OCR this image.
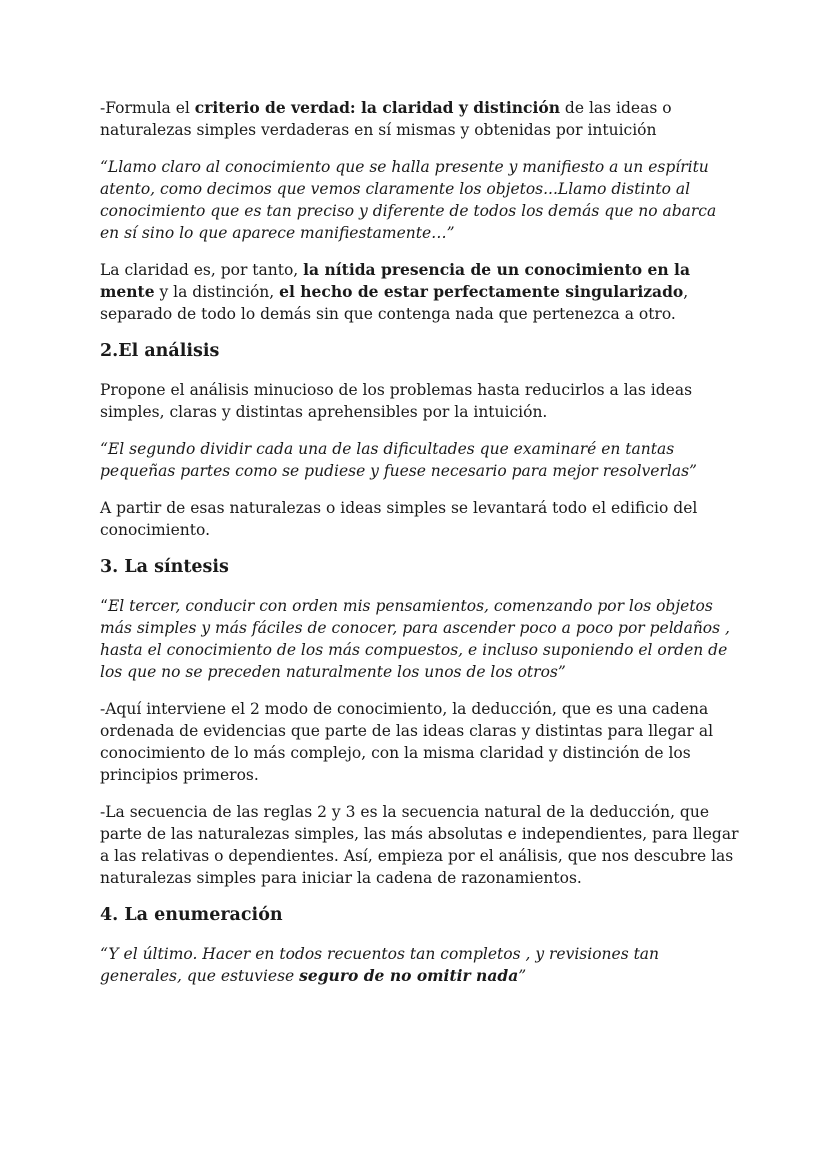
-Formula el criterio de verdad: la claridad y distinción de las ideas o naturalezas simples verdaderas en sí mismas y obtenidas por intuición

“Llamo claro al conocimiento que se halla presente y manifiesto a un espíritu atento, como decimos que vemos claramente los objetos...Llamo distinto al conocimiento que es tan preciso y diferente de todos los demás que no abarca en sí sino lo que aparece manifiestamente…”

La claridad es, por tanto, la nítida presencia de un conocimiento en la mente y la distinción, el hecho de estar perfectamente singularizado, separado de todo lo demás sin que contenga nada que pertenezca a otro.

2.El análisis

Propone el análisis minucioso de los problemas hasta reducirlos a las ideas simples, claras y distintas aprehensibles por la intuición.

“El segundo dividir cada una de las dificultades que examinaré en tantas pequeñas partes como se pudiese y fuese necesario para mejor resolverlas”

A partir de esas naturalezas o ideas simples se levantará todo el edificio del conocimiento.

3. La síntesis

“El tercer, conducir con orden mis pensamientos, comenzando por los objetos más simples y más fáciles de conocer, para ascender poco a poco por peldaños , hasta el conocimiento de los más compuestos, e incluso suponiendo el orden de los que no se preceden naturalmente los unos de los otros”

-Aquí interviene el 2 modo de conocimiento, la deducción, que es una cadena ordenada de evidencias que parte de las ideas claras y distintas para llegar al conocimiento de lo más complejo, con la misma claridad y distinción de los principios primeros.

-La secuencia de las reglas 2 y 3 es la secuencia natural de la deducción, que parte de las naturalezas simples, las más absolutas e independientes, para llegar a las relativas o dependientes. Así, empieza por el análisis, que nos descubre las naturalezas simples para iniciar la cadena de razonamientos.

4. La enumeración

“Y el último. Hacer en todos recuentos tan completos , y revisiones tan generales, que estuviese seguro de no omitir nada”
